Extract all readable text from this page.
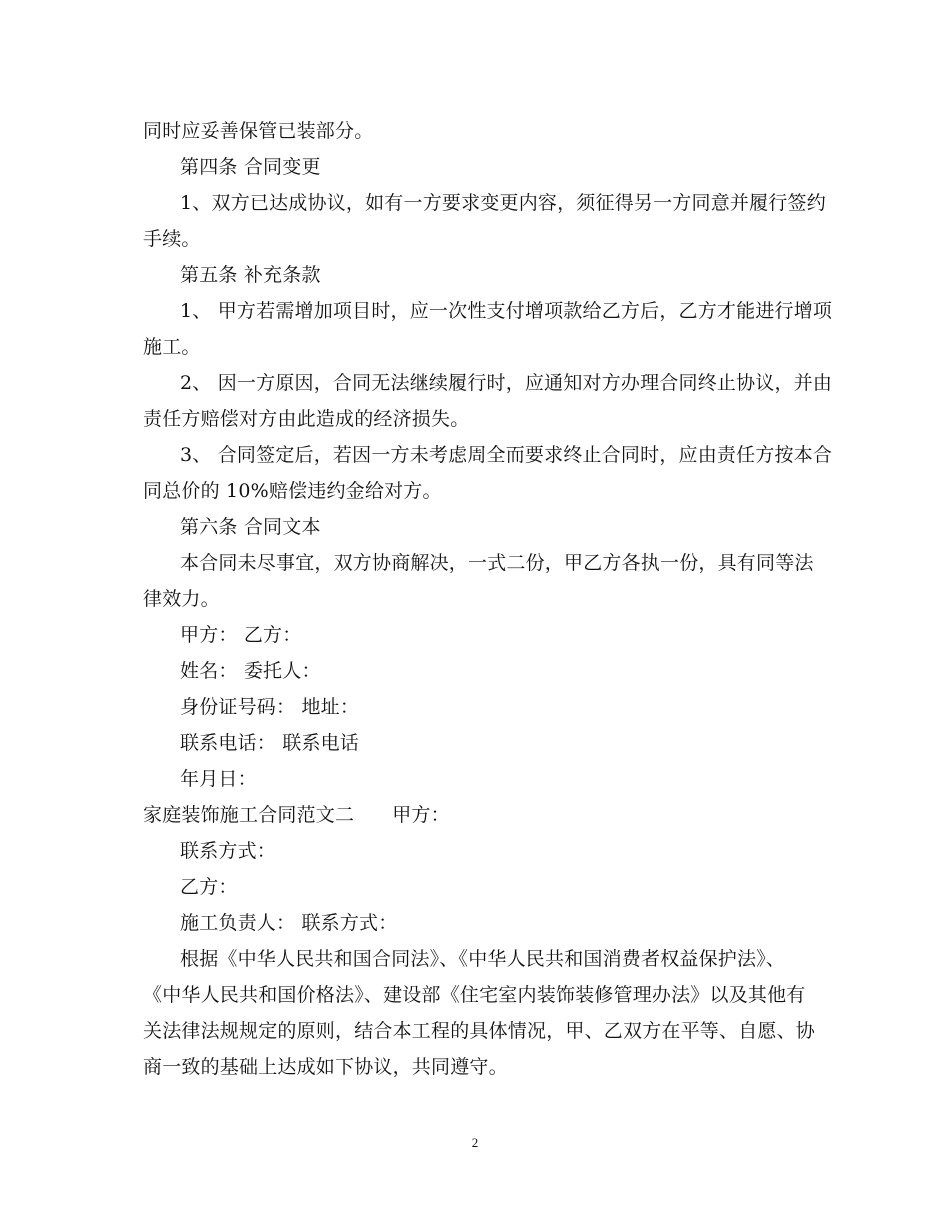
同时应妥善保管已装部分。
第四条 合同变更
1、双方已达成协议，如有一方要求变更内容，须征得另一方同意并履行签约
手续。
第五条 补充条款
1、 甲方若需增加项目时，应一次性支付增项款给乙方后，乙方才能进行增项
施工。
2、 因一方原因，合同无法继续履行时，应通知对方办理合同终止协议，并由
责任方赔偿对方由此造成的经济损失。
3、 合同签定后，若因一方未考虑周全而要求终止合同时，应由责任方按本合
同总价的 10%赔偿违约金给对方。
第六条 合同文本
本合同未尽事宜，双方协商解决，一式二份，甲乙方各执一份，具有同等法
律效力。
甲方： 乙方：
姓名： 委托人：
身份证号码： 地址：
联系电话： 联系电话
年月日：
家庭装饰施工合同范文二 甲方：
联系方式：
乙方：
施工负责人： 联系方式：
根据《中华人民共和国合同法》、《中华人民共和国消费者权益保护法》、
《中华人民共和国价格法》、建设部《住宅室内装饰装修管理办法》以及其他有
关法律法规规定的原则，结合本工程的具体情况，甲、乙双方在平等、自愿、协
商一致的基础上达成如下协议，共同遵守。
2
